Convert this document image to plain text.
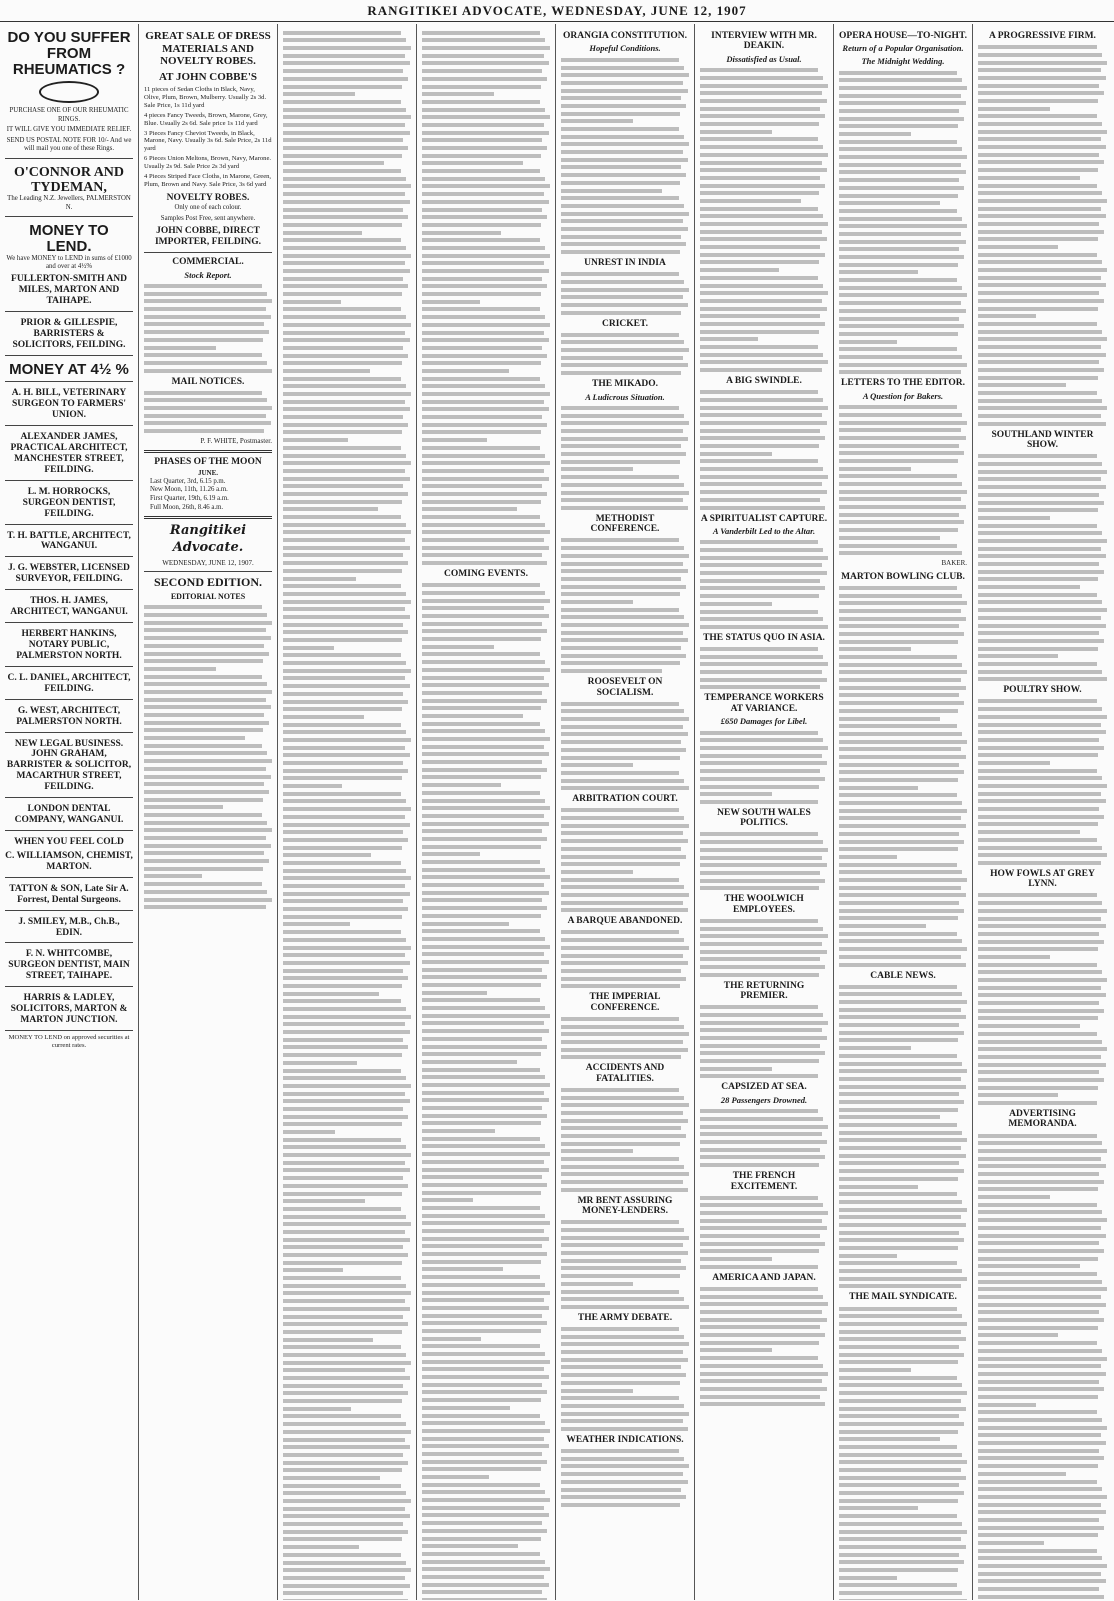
RANGITIKEI ADVOCATE, WEDNESDAY, JUNE 12, 1907
DO YOU SUFFER FROM RHEUMATICS ?
PURCHASE ONE OF OUR RHEUMATIC RINGS.
IT WILL GIVE YOU IMMEDIATE RELIEF.
SEND US POSTAL NOTE FOR 10/- And we will mail you one of these Rings.
O'CONNOR AND TYDEMAN,
The Leading N.Z. Jewellers, PALMERSTON N.
MONEY TO LEND.
We have MONEY to LEND in sums of £1000 and over at 4½%
FULLERTON-SMITH AND MILES, MARTON AND TAIHAPE.
PRIOR & GILLESPIE, BARRISTERS & SOLICITORS, FEILDING.
MONEY AT 4½ %
A. H. BILL, VETERINARY SURGEON TO FARMERS' UNION.
ALEXANDER JAMES, PRACTICAL ARCHITECT, MANCHESTER STREET, FEILDING.
L. M. HORROCKS, SURGEON DENTIST, FEILDING.
T. H. BATTLE, ARCHITECT, WANGANUI.
J. G. WEBSTER, LICENSED SURVEYOR, FEILDING.
THOS. H. JAMES, ARCHITECT, WANGANUI.
HERBERT HANKINS, NOTARY PUBLIC, PALMERSTON NORTH.
C. L. DANIEL, ARCHITECT, FEILDING.
G. WEST, ARCHITECT, PALMERSTON NORTH.
NEW LEGAL BUSINESS. JOHN GRAHAM, BARRISTER & SOLICITOR, MACARTHUR STREET, FEILDING.
LONDON DENTAL COMPANY, WANGANUI.
WHEN YOU FEEL COLD
C. WILLIAMSON, CHEMIST, MARTON.
TATTON & SON, Late Sir A. Forrest, Dental Surgeons.
J. SMILEY, M.B., Ch.B., EDIN.
F. N. WHITCOMBE, SURGEON DENTIST, MAIN STREET, TAIHAPE.
HARRIS & LADLEY, SOLICITORS, MARTON & MARTON JUNCTION.
MONEY TO LEND on approved securities at current rates.
GREAT SALE OF DRESS MATERIALS AND NOVELTY ROBES.
AT JOHN COBBE'S
11 pieces of Sedan Cloths in Black, Navy, Olive, Plum, Brown, Mulberry. Usually 2s 3d. Sale Price, 1s 11d yard
4 pieces Fancy Tweeds, Brown, Marone, Grey, Blue. Usually 2s 6d. Sale price 1s 11d yard
3 Pieces Fancy Cheviot Tweeds, in Black, Marone, Navy. Usually 3s 6d. Sale Price, 2s 11d yard
6 Pieces Union Meltons, Brown, Navy, Marone. Usually 2s 9d. Sale Price 2s 3d yard
4 Pieces Striped Face Cloths, in Marone, Green, Plum, Brown and Navy. Sale Price, 3s 6d yard
NOVELTY ROBES.
Only one of each colour.
Samples Post Free, sent anywhere.
JOHN COBBE, DIRECT IMPORTER, FEILDING.
COMMERCIAL.
Stock Report.
MAIL NOTICES.
P. F. WHITE, Postmaster.
PHASES OF THE MOON
JUNE.
Last Quarter, 3rd, 6.15 p.m.
New Moon, 11th, 11.26 a.m.
First Quarter, 19th, 6.19 a.m.
Full Moon, 26th, 8.46 a.m.
Rangitikei Advocate.
WEDNESDAY, JUNE 12, 1907.
SECOND EDITION.
EDITORIAL NOTES
COMING EVENTS.
ORANGIA CONSTITUTION.
Hopeful Conditions.
UNREST IN INDIA
CRICKET.
THE MIKADO.
A Ludicrous Situation.
METHODIST CONFERENCE.
ROOSEVELT ON SOCIALISM.
ARBITRATION COURT.
A BARQUE ABANDONED.
THE IMPERIAL CONFERENCE.
ACCIDENTS AND FATALITIES.
MR BENT ASSURING MONEY-LENDERS.
THE ARMY DEBATE.
WEATHER INDICATIONS.
INTERVIEW WITH MR. DEAKIN.
Dissatisfied as Usual.
A BIG SWINDLE.
A SPIRITUALIST CAPTURE.
A Vanderbilt Led to the Altar.
THE STATUS QUO IN ASIA.
TEMPERANCE WORKERS AT VARIANCE.
£650 Damages for Libel.
NEW SOUTH WALES POLITICS.
THE WOOLWICH EMPLOYEES.
THE RETURNING PREMIER.
CAPSIZED AT SEA.
28 Passengers Drowned.
THE FRENCH EXCITEMENT.
AMERICA AND JAPAN.
OPERA HOUSE—TO-NIGHT.
Return of a Popular Organisation.
The Midnight Wedding.
LETTERS TO THE EDITOR.
A Question for Bakers.
BAKER.
MARTON BOWLING CLUB.
CABLE NEWS.
THE MAIL SYNDICATE.
A PROGRESSIVE FIRM.
SOUTHLAND WINTER SHOW.
POULTRY SHOW.
HOW FOWLS AT GREY LYNN.
ADVERTISING MEMORANDA.
